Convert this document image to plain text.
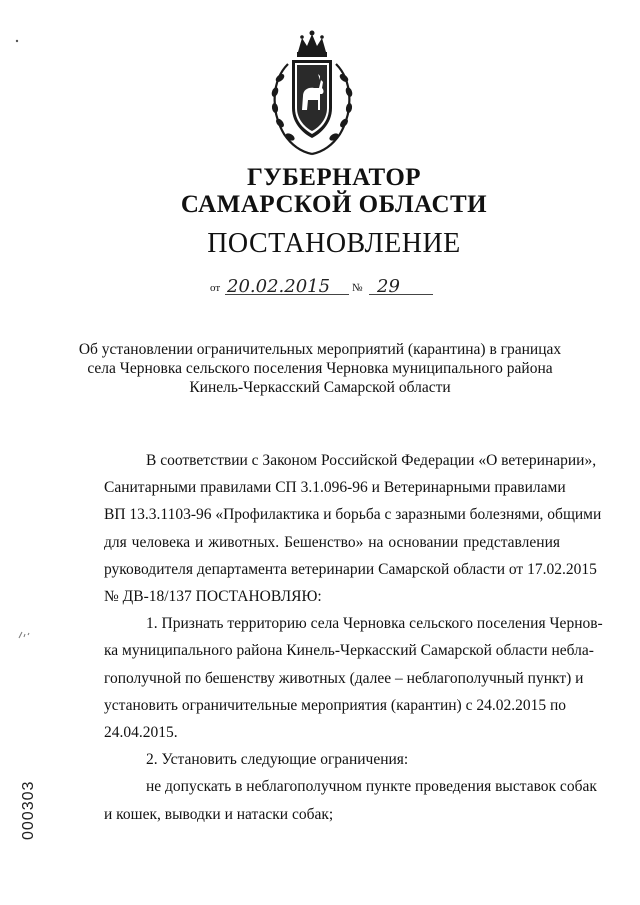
ГУБЕРНАТОР
САМАРСКОЙ ОБЛАСТИ
ПОСТАНОВЛЕНИЕ
от 20.02.2015 № 29
Об установлении ограничительных мероприятий (карантина) в границах
села Черновка сельского поселения Черновка муниципального района
Кинель-Черкасский Самарской области

В соответствии с Законом Российской Федерации «О ветеринарии»,
Санитарными правилами СП 3.1.096-96 и Ветеринарными правилами
ВП 13.3.1103-96 «Профилактика и борьба с заразными болезнями, общими
для человека и животных. Бешенство» на основании представления
руководителя департамента ветеринарии Самарской области от 17.02.2015
№ ДВ-18/137 ПОСТАНОВЛЯЮ:

1. Признать территорию села Черновка сельского поселения Чернов-
ка муниципального района Кинель-Черкасский Самарской области небла-
гополучной по бешенству животных (далее – неблагополучный пункт) и
установить ограничительные мероприятия (карантин) с 24.02.2015 по
24.04.2015.

2. Установить следующие ограничения:

не допускать в неблагополучном пункте проведения выставок собак
и кошек, выводки и натаски собак;

000303
